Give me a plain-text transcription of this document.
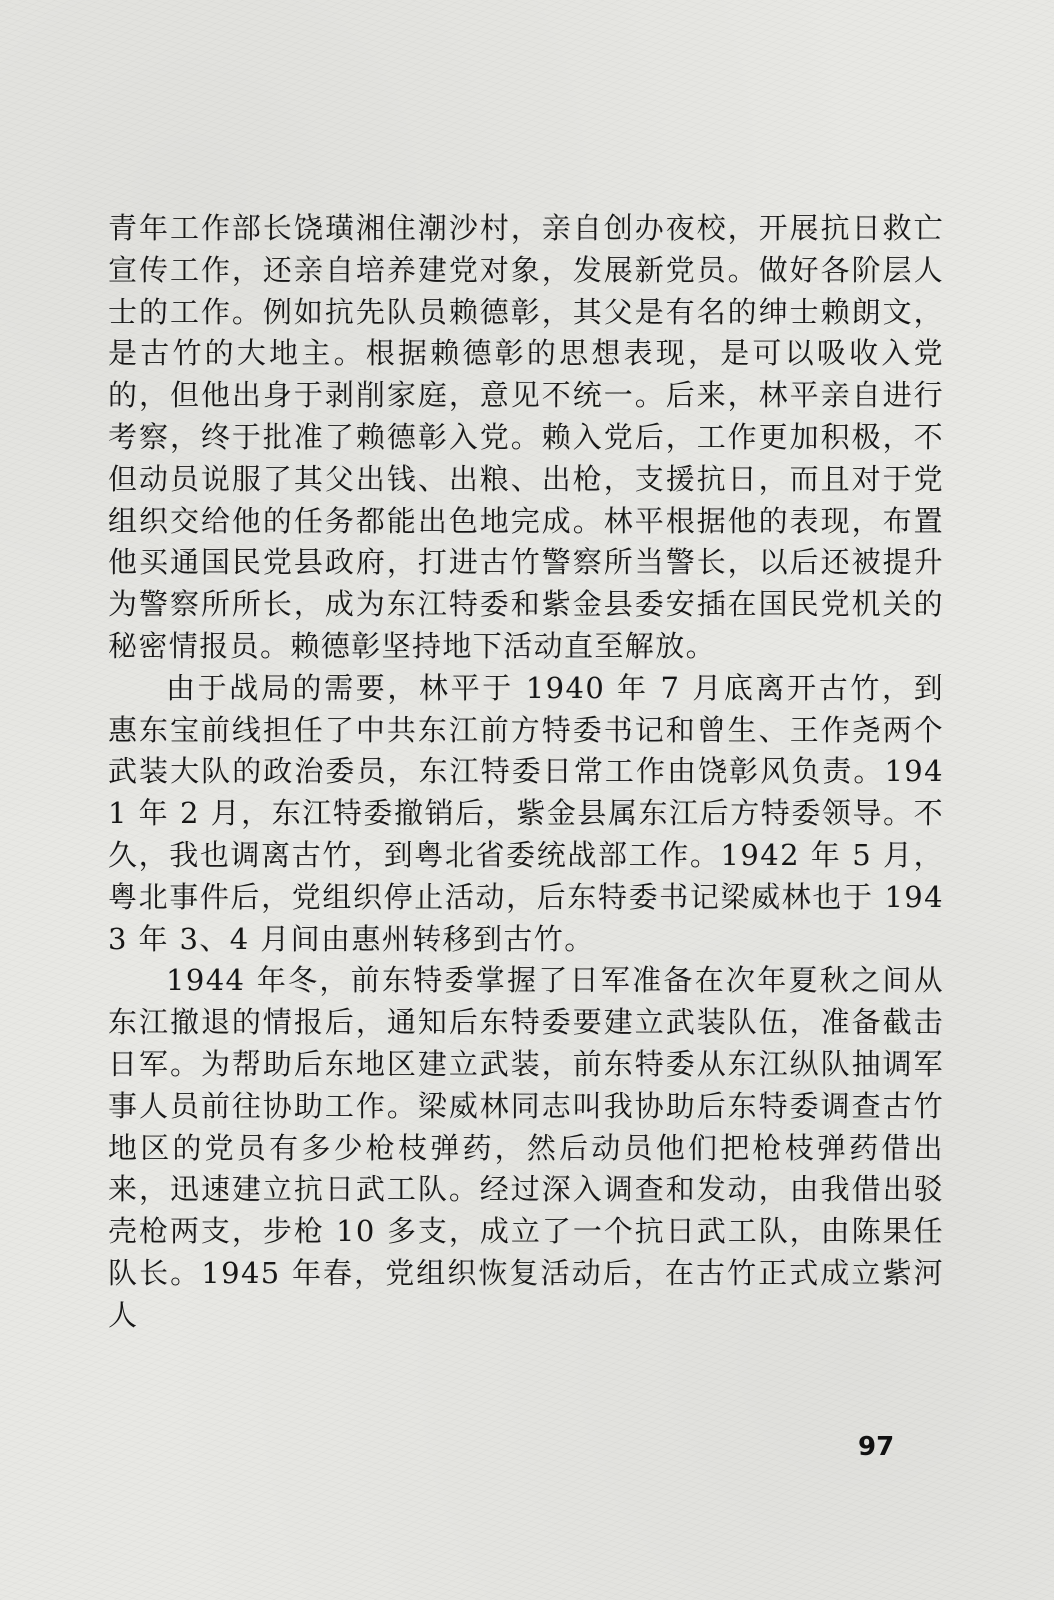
青年工作部长饶璜湘住潮沙村，亲自创办夜校，开展抗日救亡宣传工作，还亲自培养建党对象，发展新党员。做好各阶层人士的工作。例如抗先队员赖德彰，其父是有名的绅士赖朗文，是古竹的大地主。根据赖德彰的思想表现，是可以吸收入党的，但他出身于剥削家庭，意见不统一。后来，林平亲自进行考察，终于批准了赖德彰入党。赖入党后，工作更加积极，不但动员说服了其父出钱、出粮、出枪，支援抗日，而且对于党组织交给他的任务都能出色地完成。林平根据他的表现，布置他买通国民党县政府，打进古竹警察所当警长，以后还被提升为警察所所长，成为东江特委和紫金县委安插在国民党机关的秘密情报员。赖德彰坚持地下活动直至解放。

由于战局的需要，林平于 1940 年 7 月底离开古竹，到惠东宝前线担任了中共东江前方特委书记和曾生、王作尧两个武装大队的政治委员，东江特委日常工作由饶彰风负责。1941 年 2 月，东江特委撤销后，紫金县属东江后方特委领导。不久，我也调离古竹，到粤北省委统战部工作。1942 年 5 月，粤北事件后，党组织停止活动，后东特委书记梁威林也于 1943 年 3、4 月间由惠州转移到古竹。

1944 年冬，前东特委掌握了日军准备在次年夏秋之间从东江撤退的情报后，通知后东特委要建立武装队伍，准备截击日军。为帮助后东地区建立武装，前东特委从东江纵队抽调军事人员前往协助工作。梁威林同志叫我协助后东特委调查古竹地区的党员有多少枪枝弹药，然后动员他们把枪枝弹药借出来，迅速建立抗日武工队。经过深入调查和发动，由我借出驳壳枪两支，步枪 10 多支，成立了一个抗日武工队，由陈果任队长。1945 年春，党组织恢复活动后，在古竹正式成立紫河人

97
